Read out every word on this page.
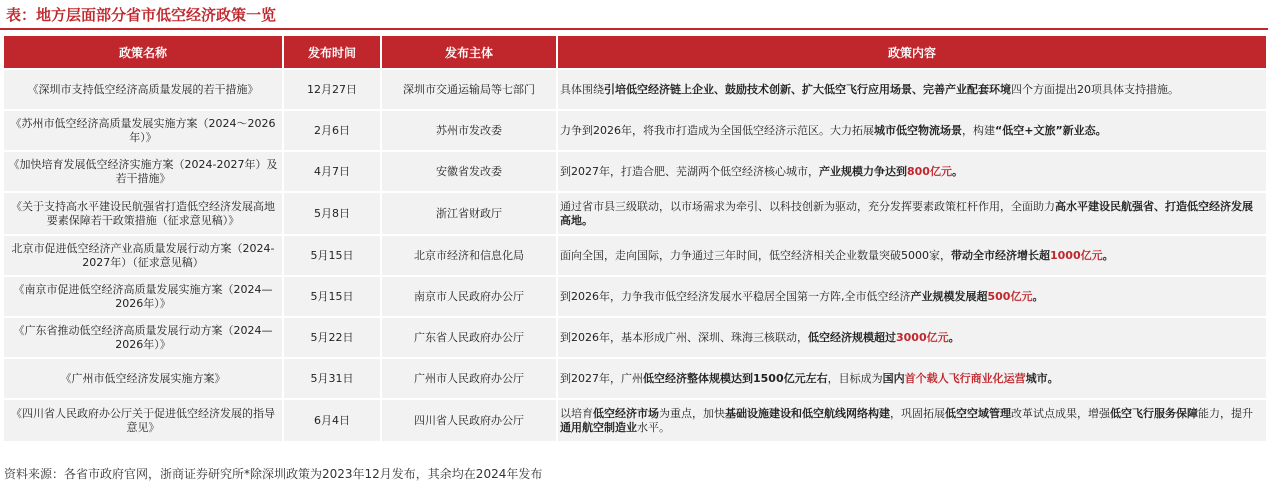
表：地方层面部分省市低空经济政策一览
政策名称	发布时间	发布主体	政策内容
《深圳市支持低空经济高质量发展的若干措施》	12月27日	深圳市交通运输局等七部门	具体围绕引培低空经济链上企业、鼓励技术创新、扩大低空飞行应用场景、完善产业配套环境四个方面提出20项具体支持措施。
《苏州市低空经济高质量发展实施方案（2024～2026年）》	2月6日	苏州市发改委	力争到2026年，将我市打造成为全国低空经济示范区。大力拓展城市低空物流场景，构建“低空+文旅”新业态。
《加快培育发展低空经济实施方案（2024-2027年）及若干措施》	4月7日	安徽省发改委	到2027年，打造合肥、芜湖两个低空经济核心城市，产业规模力争达到800亿元。
《关于支持高水平建设民航强省打造低空经济发展高地要素保障若干政策措施（征求意见稿）》	5月8日	浙江省财政厅	通过省市县三级联动，以市场需求为牵引、以科技创新为驱动，充分发挥要素政策杠杆作用，全面助力高水平建设民航强省、打造低空经济发展高地。
北京市促进低空经济产业高质量发展行动方案（2024-2027年）（征求意见稿）	5月15日	北京市经济和信息化局	面向全国，走向国际，力争通过三年时间，低空经济相关企业数量突破5000家，带动全市经济增长超1000亿元。
《南京市促进低空经济高质量发展实施方案（2024—2026年）》	5月15日	南京市人民政府办公厅	到2026年，力争我市低空经济发展水平稳居全国第一方阵,全市低空经济产业规模发展超500亿元。
《广东省推动低空经济高质量发展行动方案（2024—2026年）》	5月22日	广东省人民政府办公厅	到2026年，基本形成广州、深圳、珠海三核联动，低空经济规模超过3000亿元。
《广州市低空经济发展实施方案》	5月31日	广州市人民政府办公厅	到2027年，广州低空经济整体规模达到1500亿元左右，目标成为国内首个载人飞行商业化运营城市。
《四川省人民政府办公厅关于促进低空经济发展的指导意见》	6月4日	四川省人民政府办公厅	以培育低空经济市场为重点，加快基础设施建设和低空航线网络构建，巩固拓展低空空域管理改革试点成果，增强低空飞行服务保障能力，提升通用航空制造业水平。
资料来源：各省市政府官网，浙商证券研究所*除深圳政策为2023年12月发布，其余均在2024年发布
